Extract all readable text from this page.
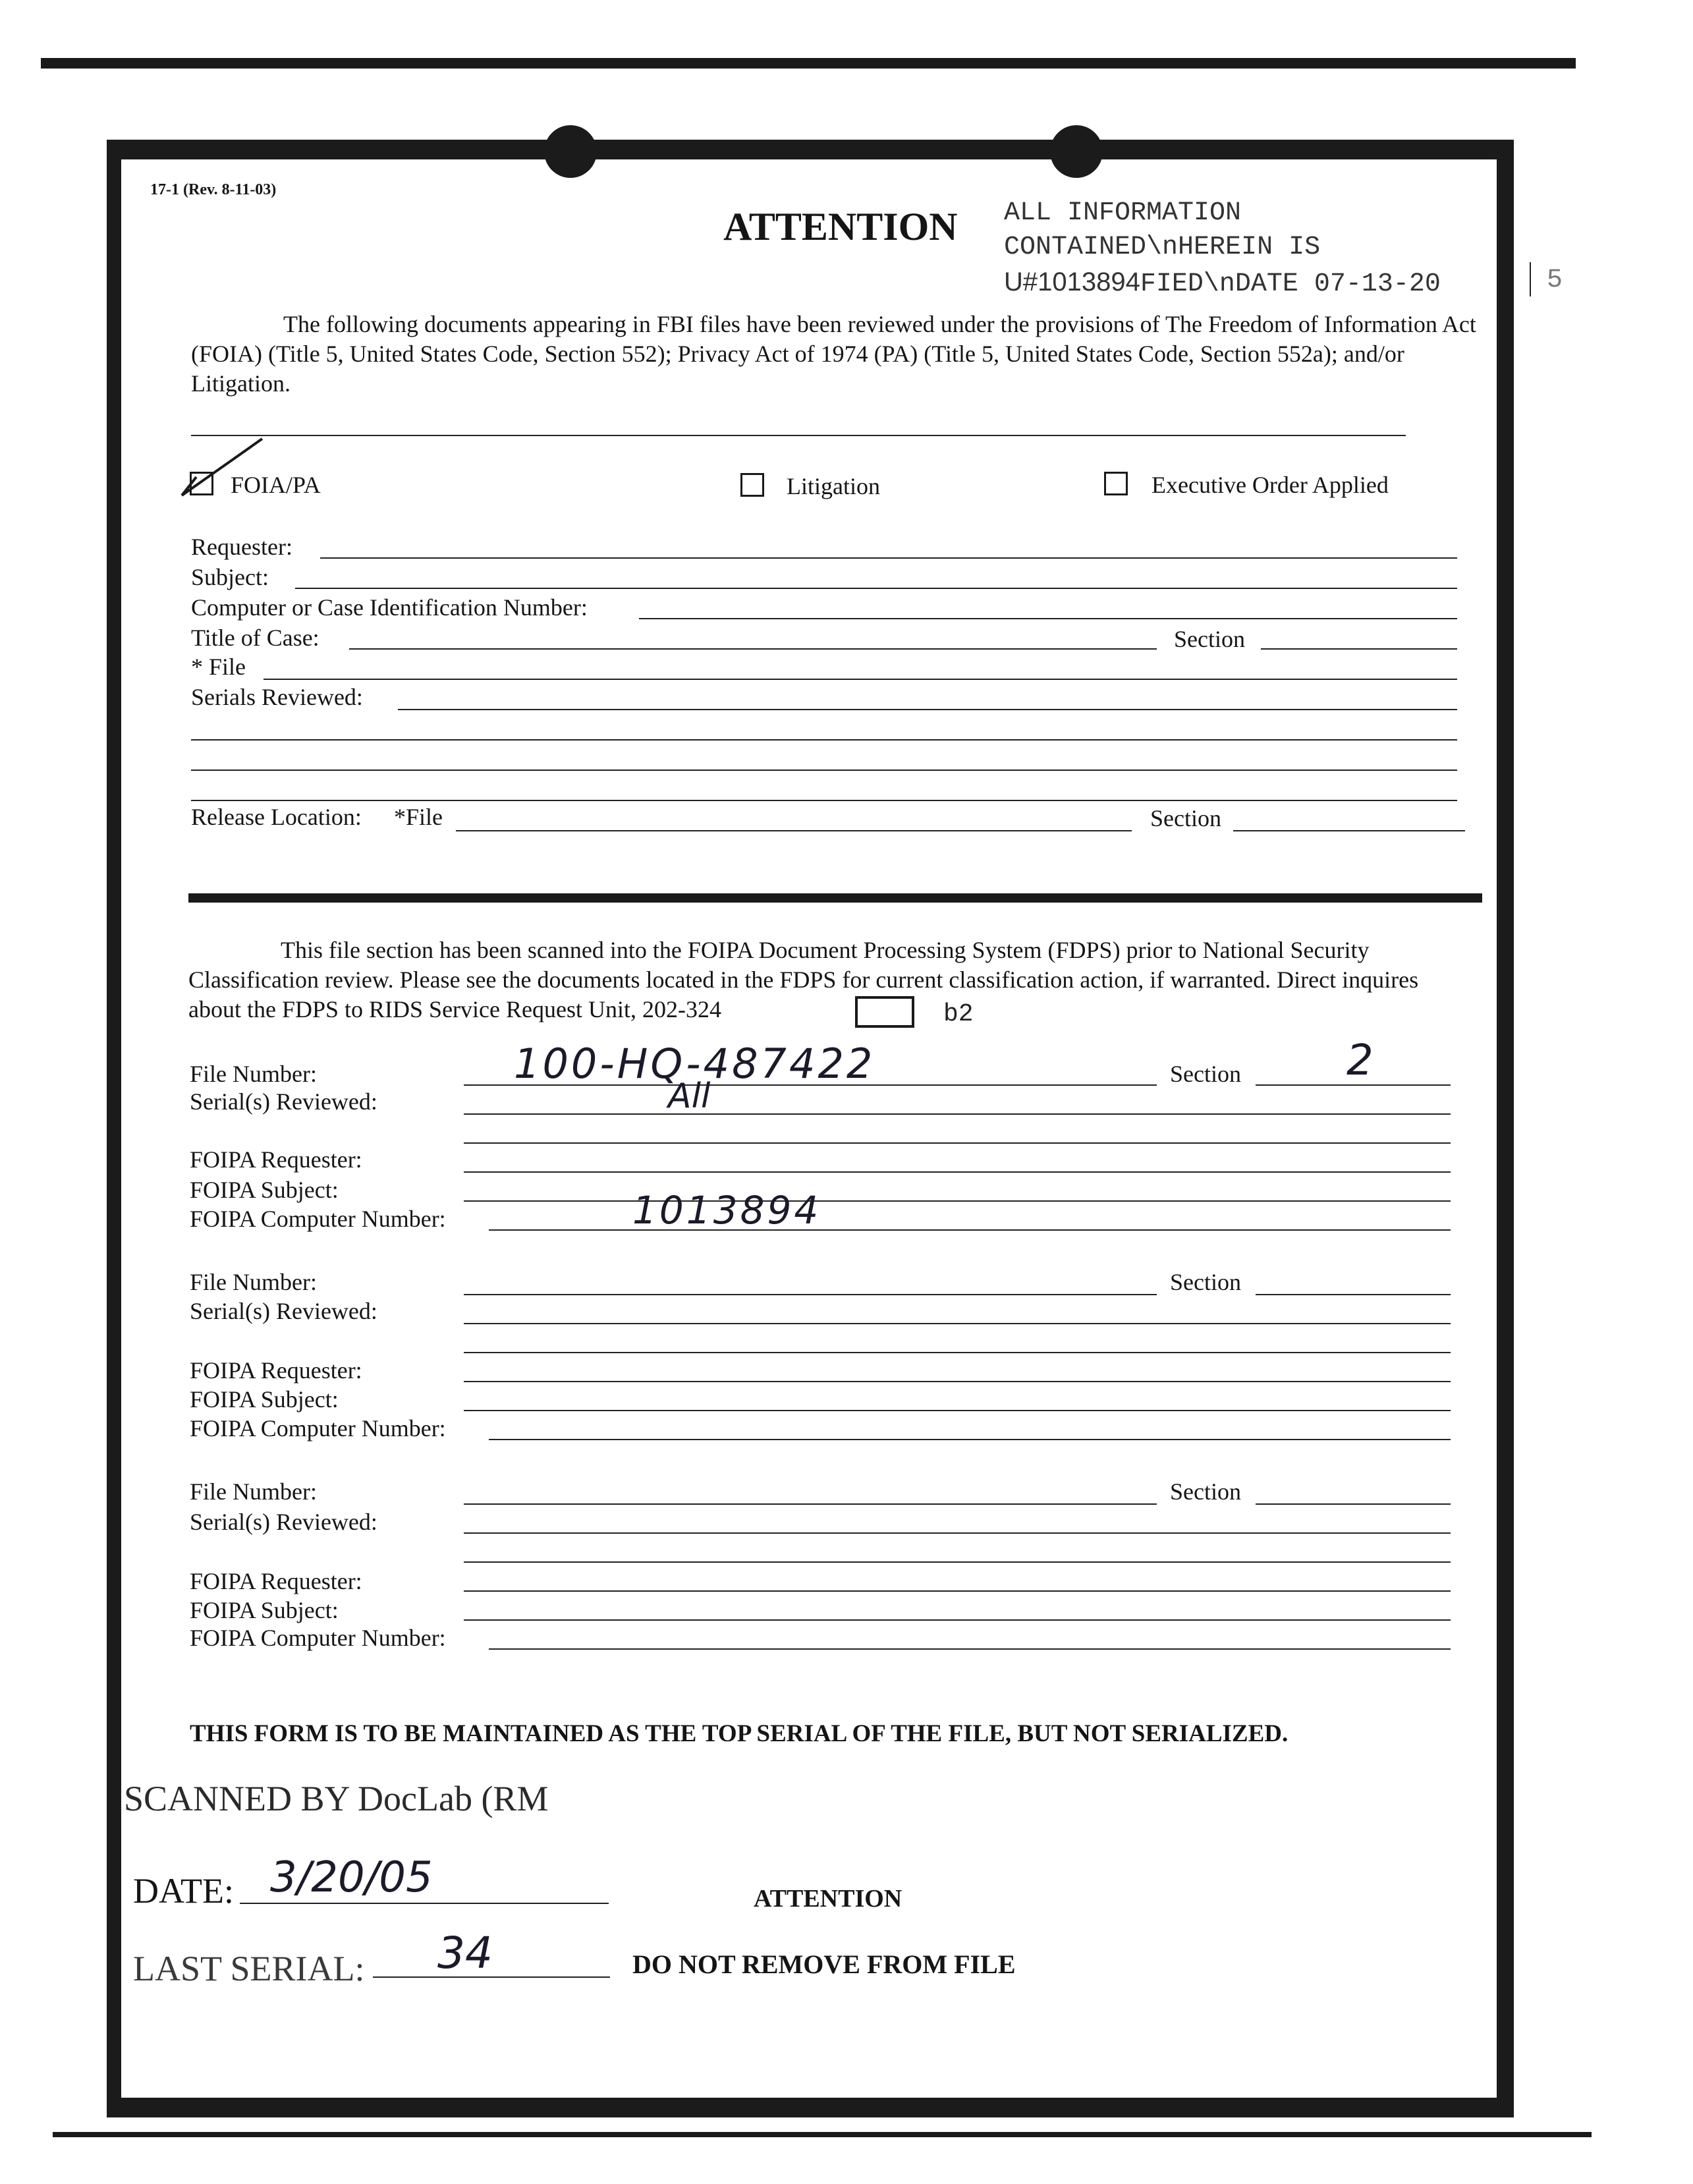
17-1 (Rev. 8-11-03)
ATTENTION ALL INFORMATION
CONTAINED\nHEREIN IS
U#1013894FIED\nDATE 07-13-20	5
The following documents appearing in FBI files have been reviewed under the provisions of The Freedom of Information Act (FOIA) (Title 5, United States Code, Section 552); Privacy Act of 1974 (PA) (Title 5, United States Code, Section 552a); and/or Litigation.
FOIA/PA	Litigation	Executive Order Applied
Requester:
Subject:
Computer or Case Identification Number:
Title of Case:	Section
* File
Serials Reviewed:
Release Location: *File	Section
This file section has been scanned into the FOIPA Document Processing System (FDPS) prior to National Security Classification review. Please see the documents located in the FDPS for current classification action, if warranted. Direct inquires about the FDPS to RIDS Service Request Unit, 202-324	b2
File Number:	100-HQ-487422	Section	2
Serial(s) Reviewed:	All
FOIPA Requester:
FOIPA Subject:
FOIPA Computer Number:	1013894
File Number:	Section
Serial(s) Reviewed:
FOIPA Requester:
FOIPA Subject:
FOIPA Computer Number:
File Number:	Section
Serial(s) Reviewed:
FOIPA Requester:
FOIPA Subject:
FOIPA Computer Number:
THIS FORM IS TO BE MAINTAINED AS THE TOP SERIAL OF THE FILE, BUT NOT SERIALIZED.
SCANNED BY DocLab (RM
DATE: 3/20/05	ATTENTION
LAST SERIAL: 34	DO NOT REMOVE FROM FILE
